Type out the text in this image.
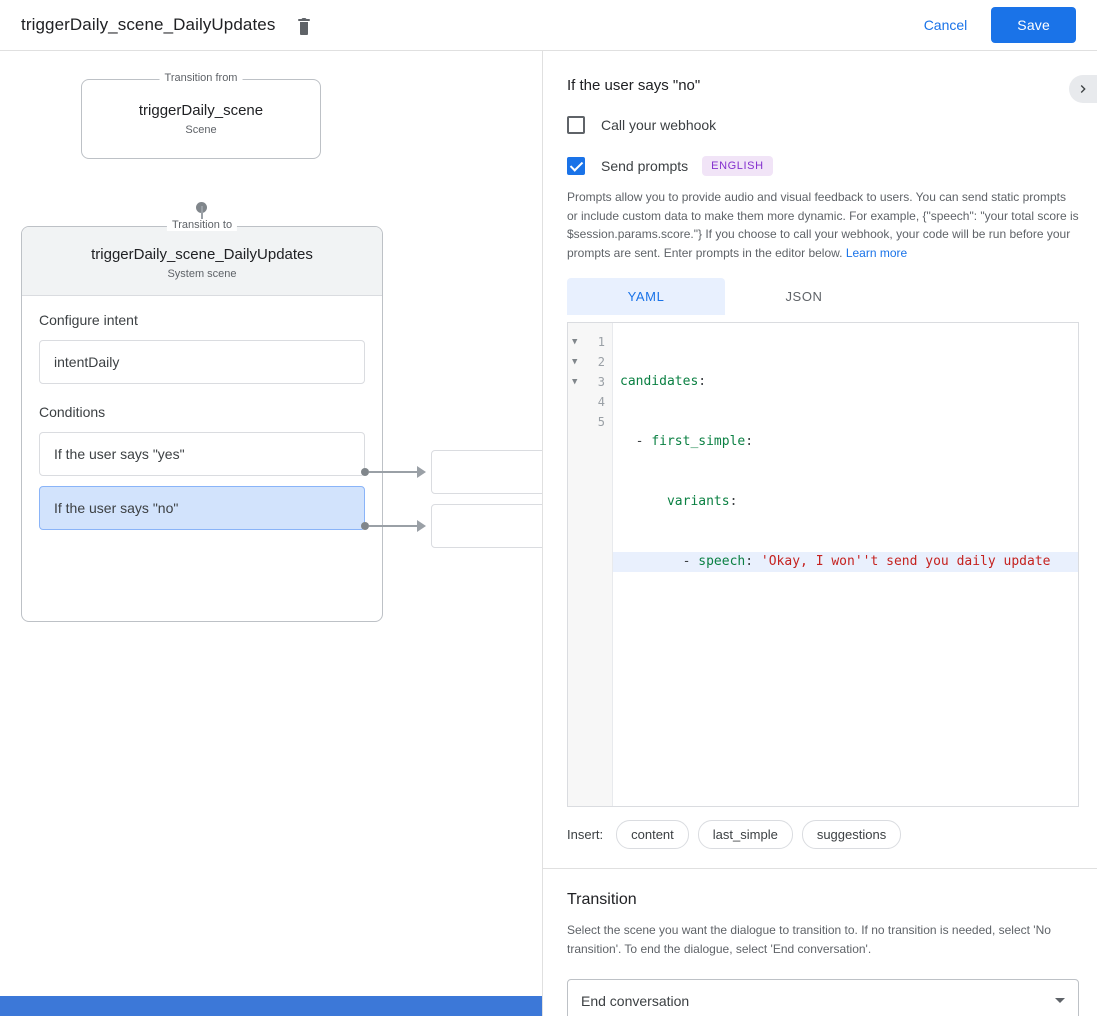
triggerDaily_scene_DailyUpdates	Cancel	Save
Transition from
triggerDaily_scene
Scene
Transition to
triggerDaily_scene_DailyUpdates
System scene
Configure intent
intentDaily
Conditions
If the user says "yes"
If the user says "no"
If the user says "no"
Call your webhook
Send prompts	ENGLISH
Prompts allow you to provide audio and visual feedback to users. You can send static prompts or include custom data to make them more dynamic. For example, {"speech": "your total score is $session.params.score."} If you choose to call your webhook, your code will be run before your prompts are sent. Enter prompts in the editor below. Learn more
YAML	JSON
▼ 1
▼ 2
▼ 3
4
5

candidates:

- first_simple:

variants:

- speech: 'Okay, I won''t send you daily update

Insert:	content	last_simple	suggestions
Transition
Select the scene you want the dialogue to transition to. If no transition is needed, select 'No transition'. To end the dialogue, select 'End conversation'.
End conversation
